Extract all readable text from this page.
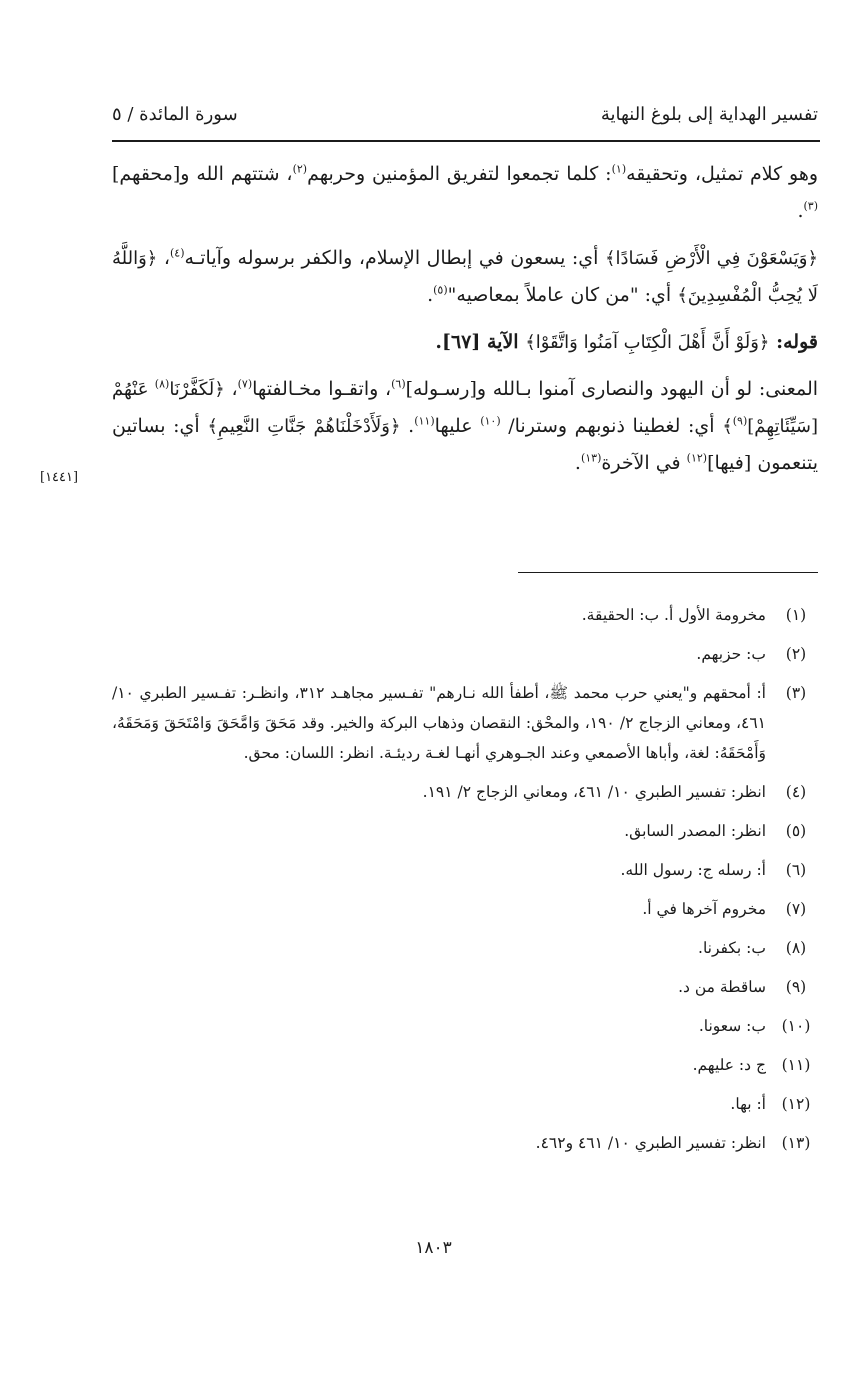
تفسير الهداية إلى بلوغ النهاية
سورة المائدة / ٥

وهو كلام تمثيل، وتحقيقه$^{(١)}$: كلما تجمعوا لتفريق المؤمنين وحربهم$^{(٢)}$، شتتهم الله و[محقهم]$^{(٣)}$.

﴿وَيَسْعَوْنَ فِي الْأَرْضِ فَسَادًا﴾ أي: يسعون في إبطال الإسلام، والكفر برسوله وآياتـه$^{(٤)}$، ﴿وَاللَّهُ لَا يُحِبُّ الْمُفْسِدِينَ﴾ أي: "من كان عاملاً بمعاصيه"$^{(٥)}$.

قوله: ﴿وَلَوْ أَنَّ أَهْلَ الْكِتَابِ آمَنُوا وَاتَّقَوْا﴾ الآية [٦٧].

المعنى: لو أن اليهود والنصارى آمنوا بـالله و[رسـوله]$^{(٦)}$، واتقـوا مخـالفتها$^{(٧)}$، ﴿لَكَفَّرْنَا$^{(٨)}$ عَنْهُمْ [سَيِّئَاتِهِمْ]$^{(٩)}$﴾ أي: لغطينا ذنوبهم وسترنا/ $^{(١٠)}$ عليها$^{(١١)}$. ﴿وَلَأَدْخَلْنَاهُمْ جَنَّاتِ النَّعِيمِ﴾ أي: بساتين يتنعمون [فيها]$^{(١٢)}$ في الآخرة$^{(١٣)}$.

[١٤٤١]
(١)
مخرومة الأول أ. ب: الحقيقة.
(٢)
ب: حزبهم.
(٣)
أ: أمحقهم و"يعني حرب محمد ﷺ، أطفأ الله نـارهم" تفـسير مجاهـد ٣١٢، وانظـر: تفـسير الطبري ١٠/ ٤٦١، ومعاني الزجاج ٢/ ١٩٠، والمحْق: النقصان وذهاب البركة والخير. وقد مَحَقَ وَامَّحَقَ وَامْتَحَقَ وَمَحَقَهُ، وَأَمْحَقَهُ: لغة، وأباها الأصمعي وعند الجـوهري أنهـا لغـة رديئـة. انظر: اللسان: محق.
(٤)
انظر: تفسير الطبري ١٠/ ٤٦١، ومعاني الزجاج ٢/ ١٩١.
(٥)
انظر: المصدر السابق.
(٦)
أ: رسله ج: رسول الله.
(٧)
مخروم آخرها في أ.
(٨)
ب: بكفرنا.
(٩)
ساقطة من د.
(١٠)
ب: سعونا.
(١١)
ج د: عليهم.
(١٢)
أ: بها.
(١٣)
انظر: تفسير الطبري ١٠/ ٤٦١ و٤٦٢.
١٨٠٣
